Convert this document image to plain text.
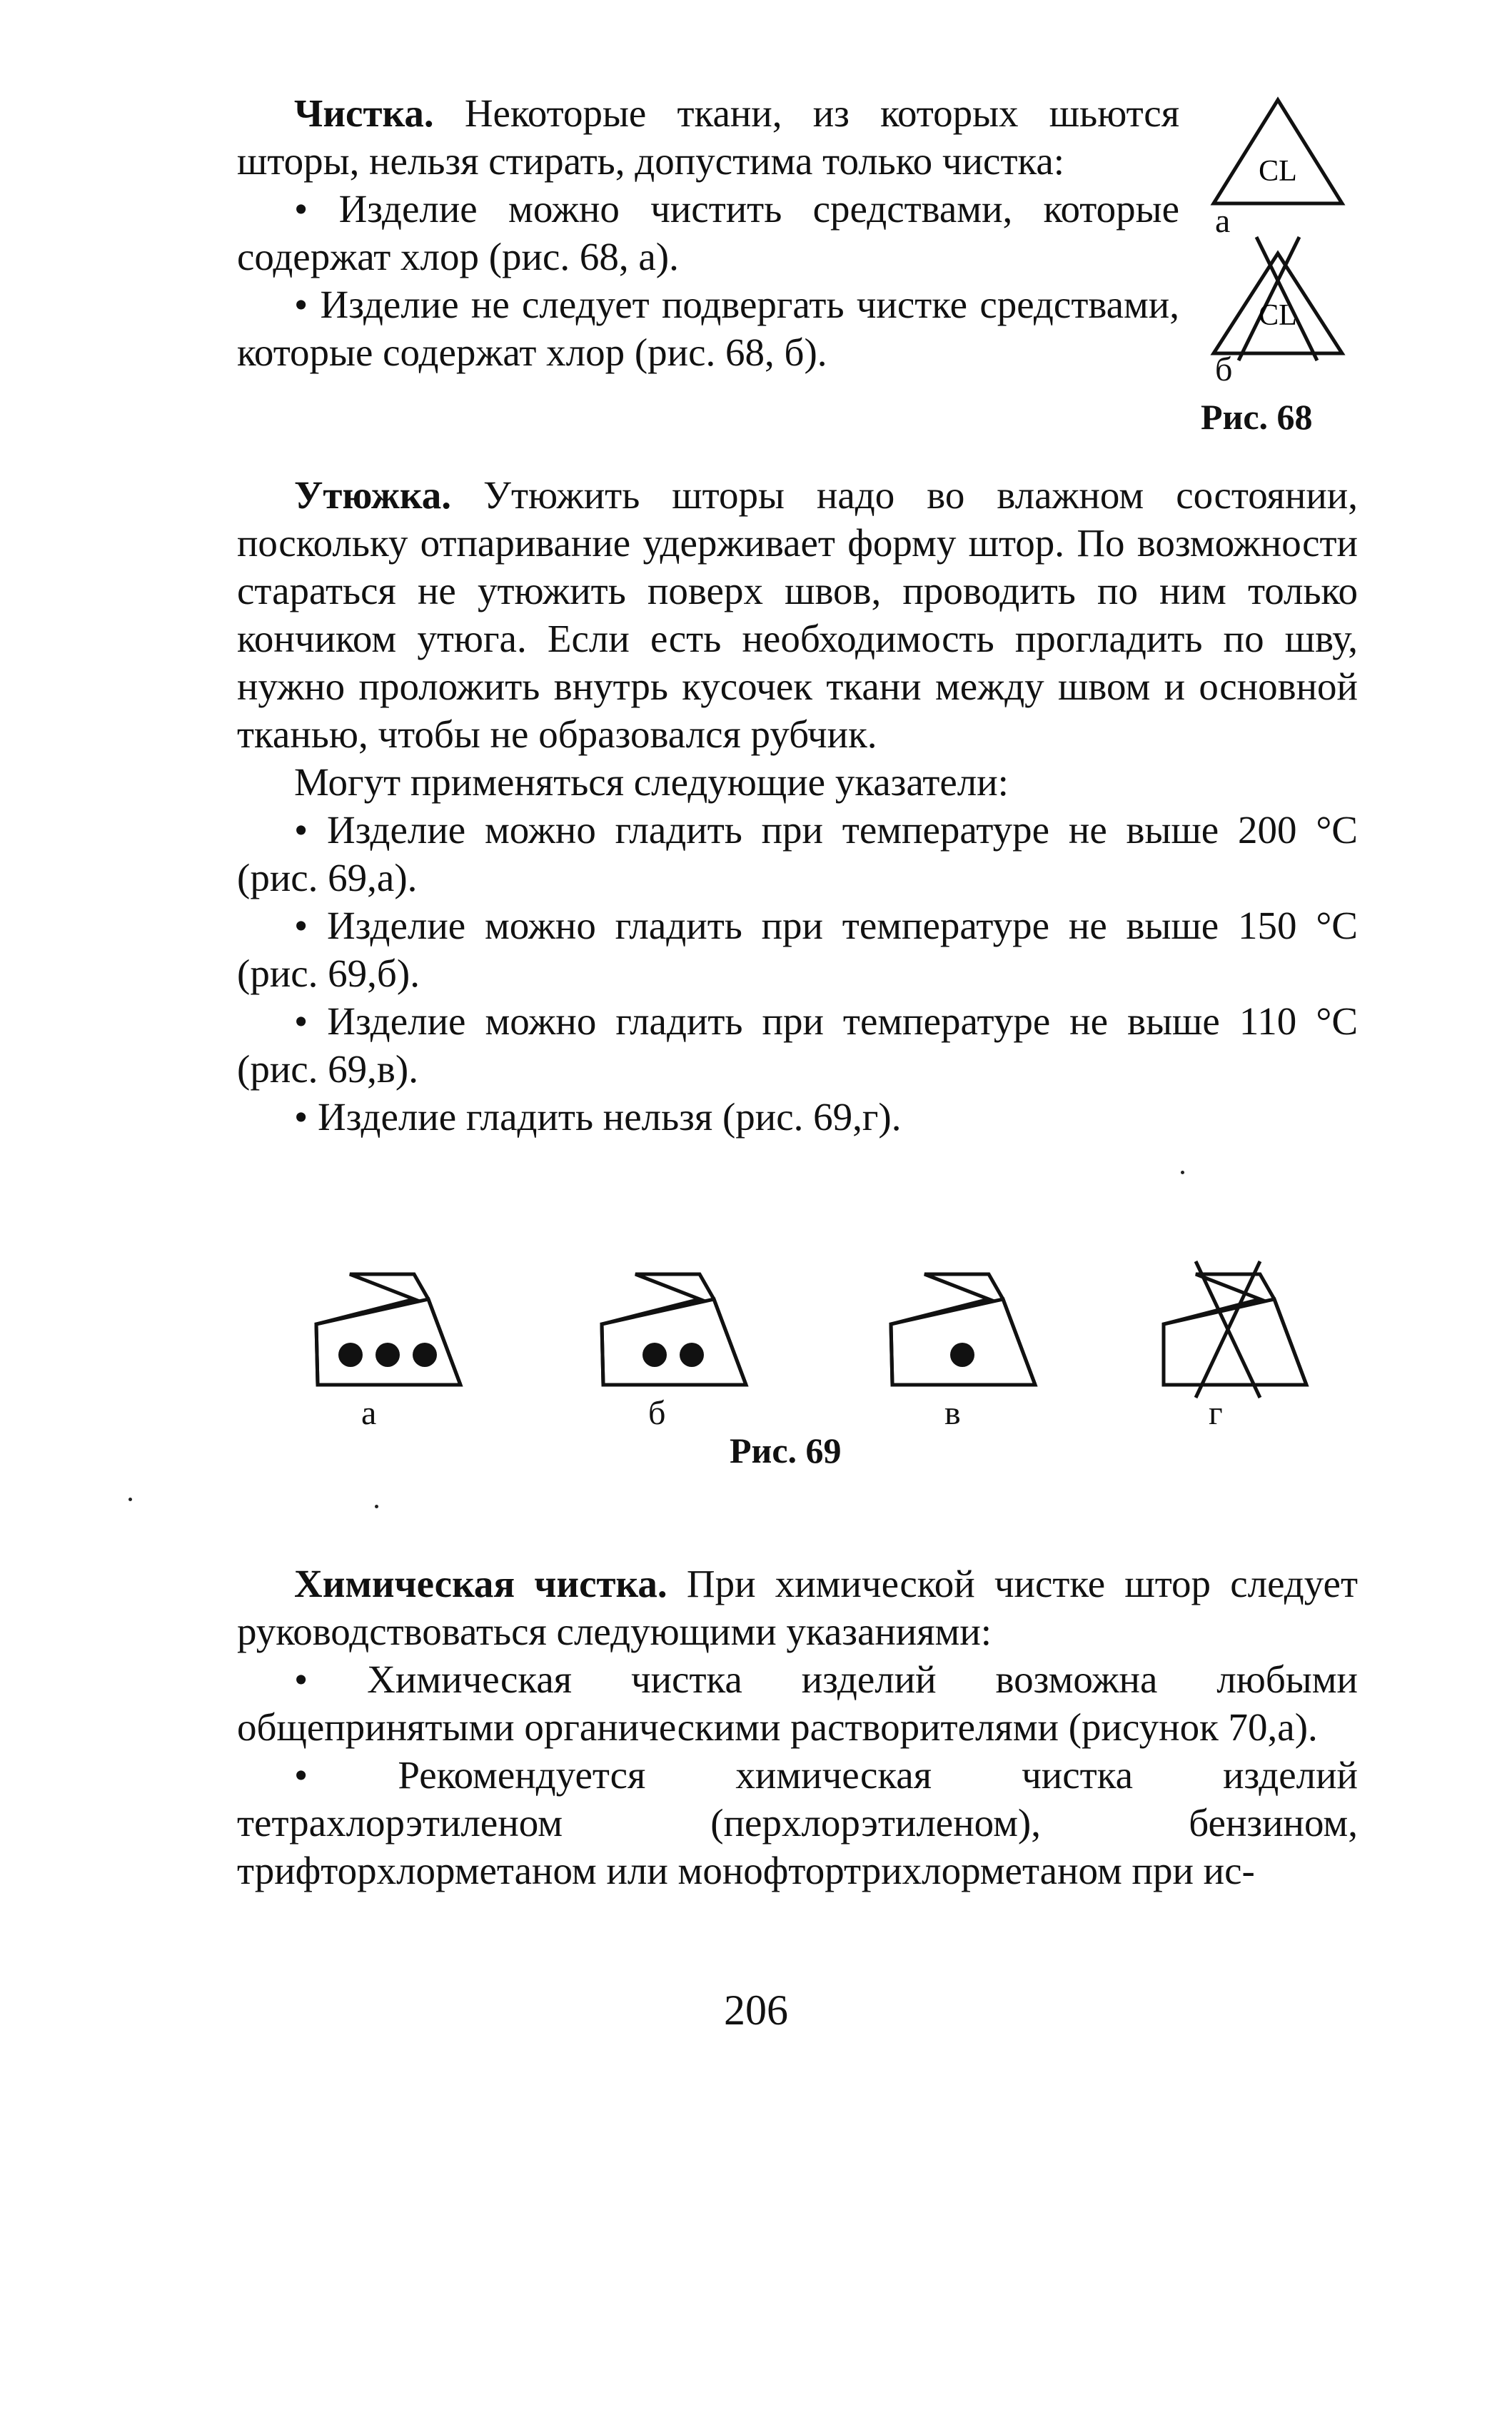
Чистка. Некоторые ткани, из которых шьются шторы, нельзя стирать, допустима только чистка:

• Изделие можно чистить средствами, которые содержат хлор (рис. 68, а).

• Изделие не следует подвергать чистке средствами, которые содержат хлор (рис. 68, б).

CL
а
CL
б
Рис. 68

Утюжка. Утюжить шторы надо во влажном состоянии, поскольку отпаривание удерживает форму штор. По возможности стараться не утюжить поверх швов, проводить по ним только кончиком утюга. Если есть необходимость прогладить по шву, нужно проложить внутрь кусочек ткани между швом и основной тканью, чтобы не образовался рубчик.

Могут применяться следующие указатели:

• Изделие можно гладить при температуре не выше 200 °С (рис. 69,а).

• Изделие можно гладить при температуре не выше 150 °С (рис. 69,б).

• Изделие можно гладить при температуре не выше 110 °С (рис. 69,в).

• Изделие гладить нельзя (рис. 69,г).

а	б	в	г
Рис. 69

Химическая чистка. При химической чистке штор следует руководствоваться следующими указаниями:

• Химическая чистка изделий возможна любыми общепринятыми органическими растворителями (рисунок 70,а).

• Рекомендуется химическая чистка изделий тетрахлорэтиленом (перхлорэтиленом), бензином, трифторхлорметаном или монофтортрихлорметаном при ис-

206
